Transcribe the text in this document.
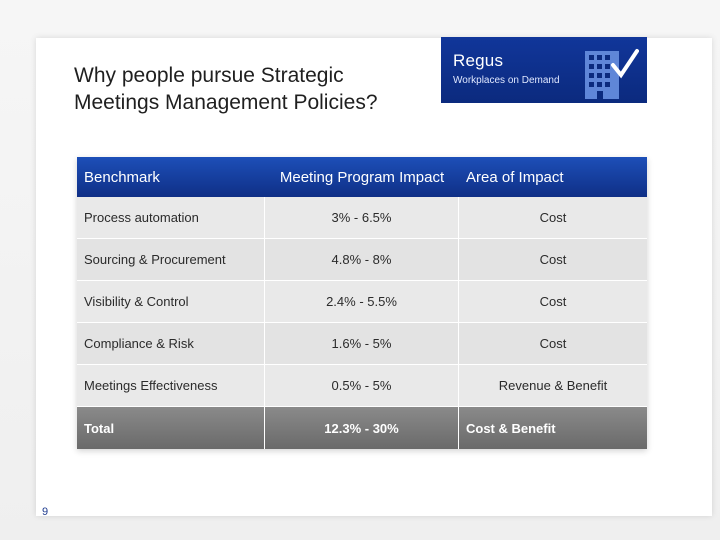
Why people pursue Strategic
Meetings Management Policies?
Regus
Workplaces on Demand
Benchmark	Meeting Program Impact	Area of Impact
Process automation	3% - 6.5%	Cost
Sourcing & Procurement	4.8% - 8%	Cost
Visibility & Control	2.4% - 5.5%	Cost
Compliance & Risk	1.6% - 5%	Cost
Meetings Effectiveness	0.5% - 5%	Revenue & Benefit
Total	12.3% - 30%	Cost & Benefit
9
